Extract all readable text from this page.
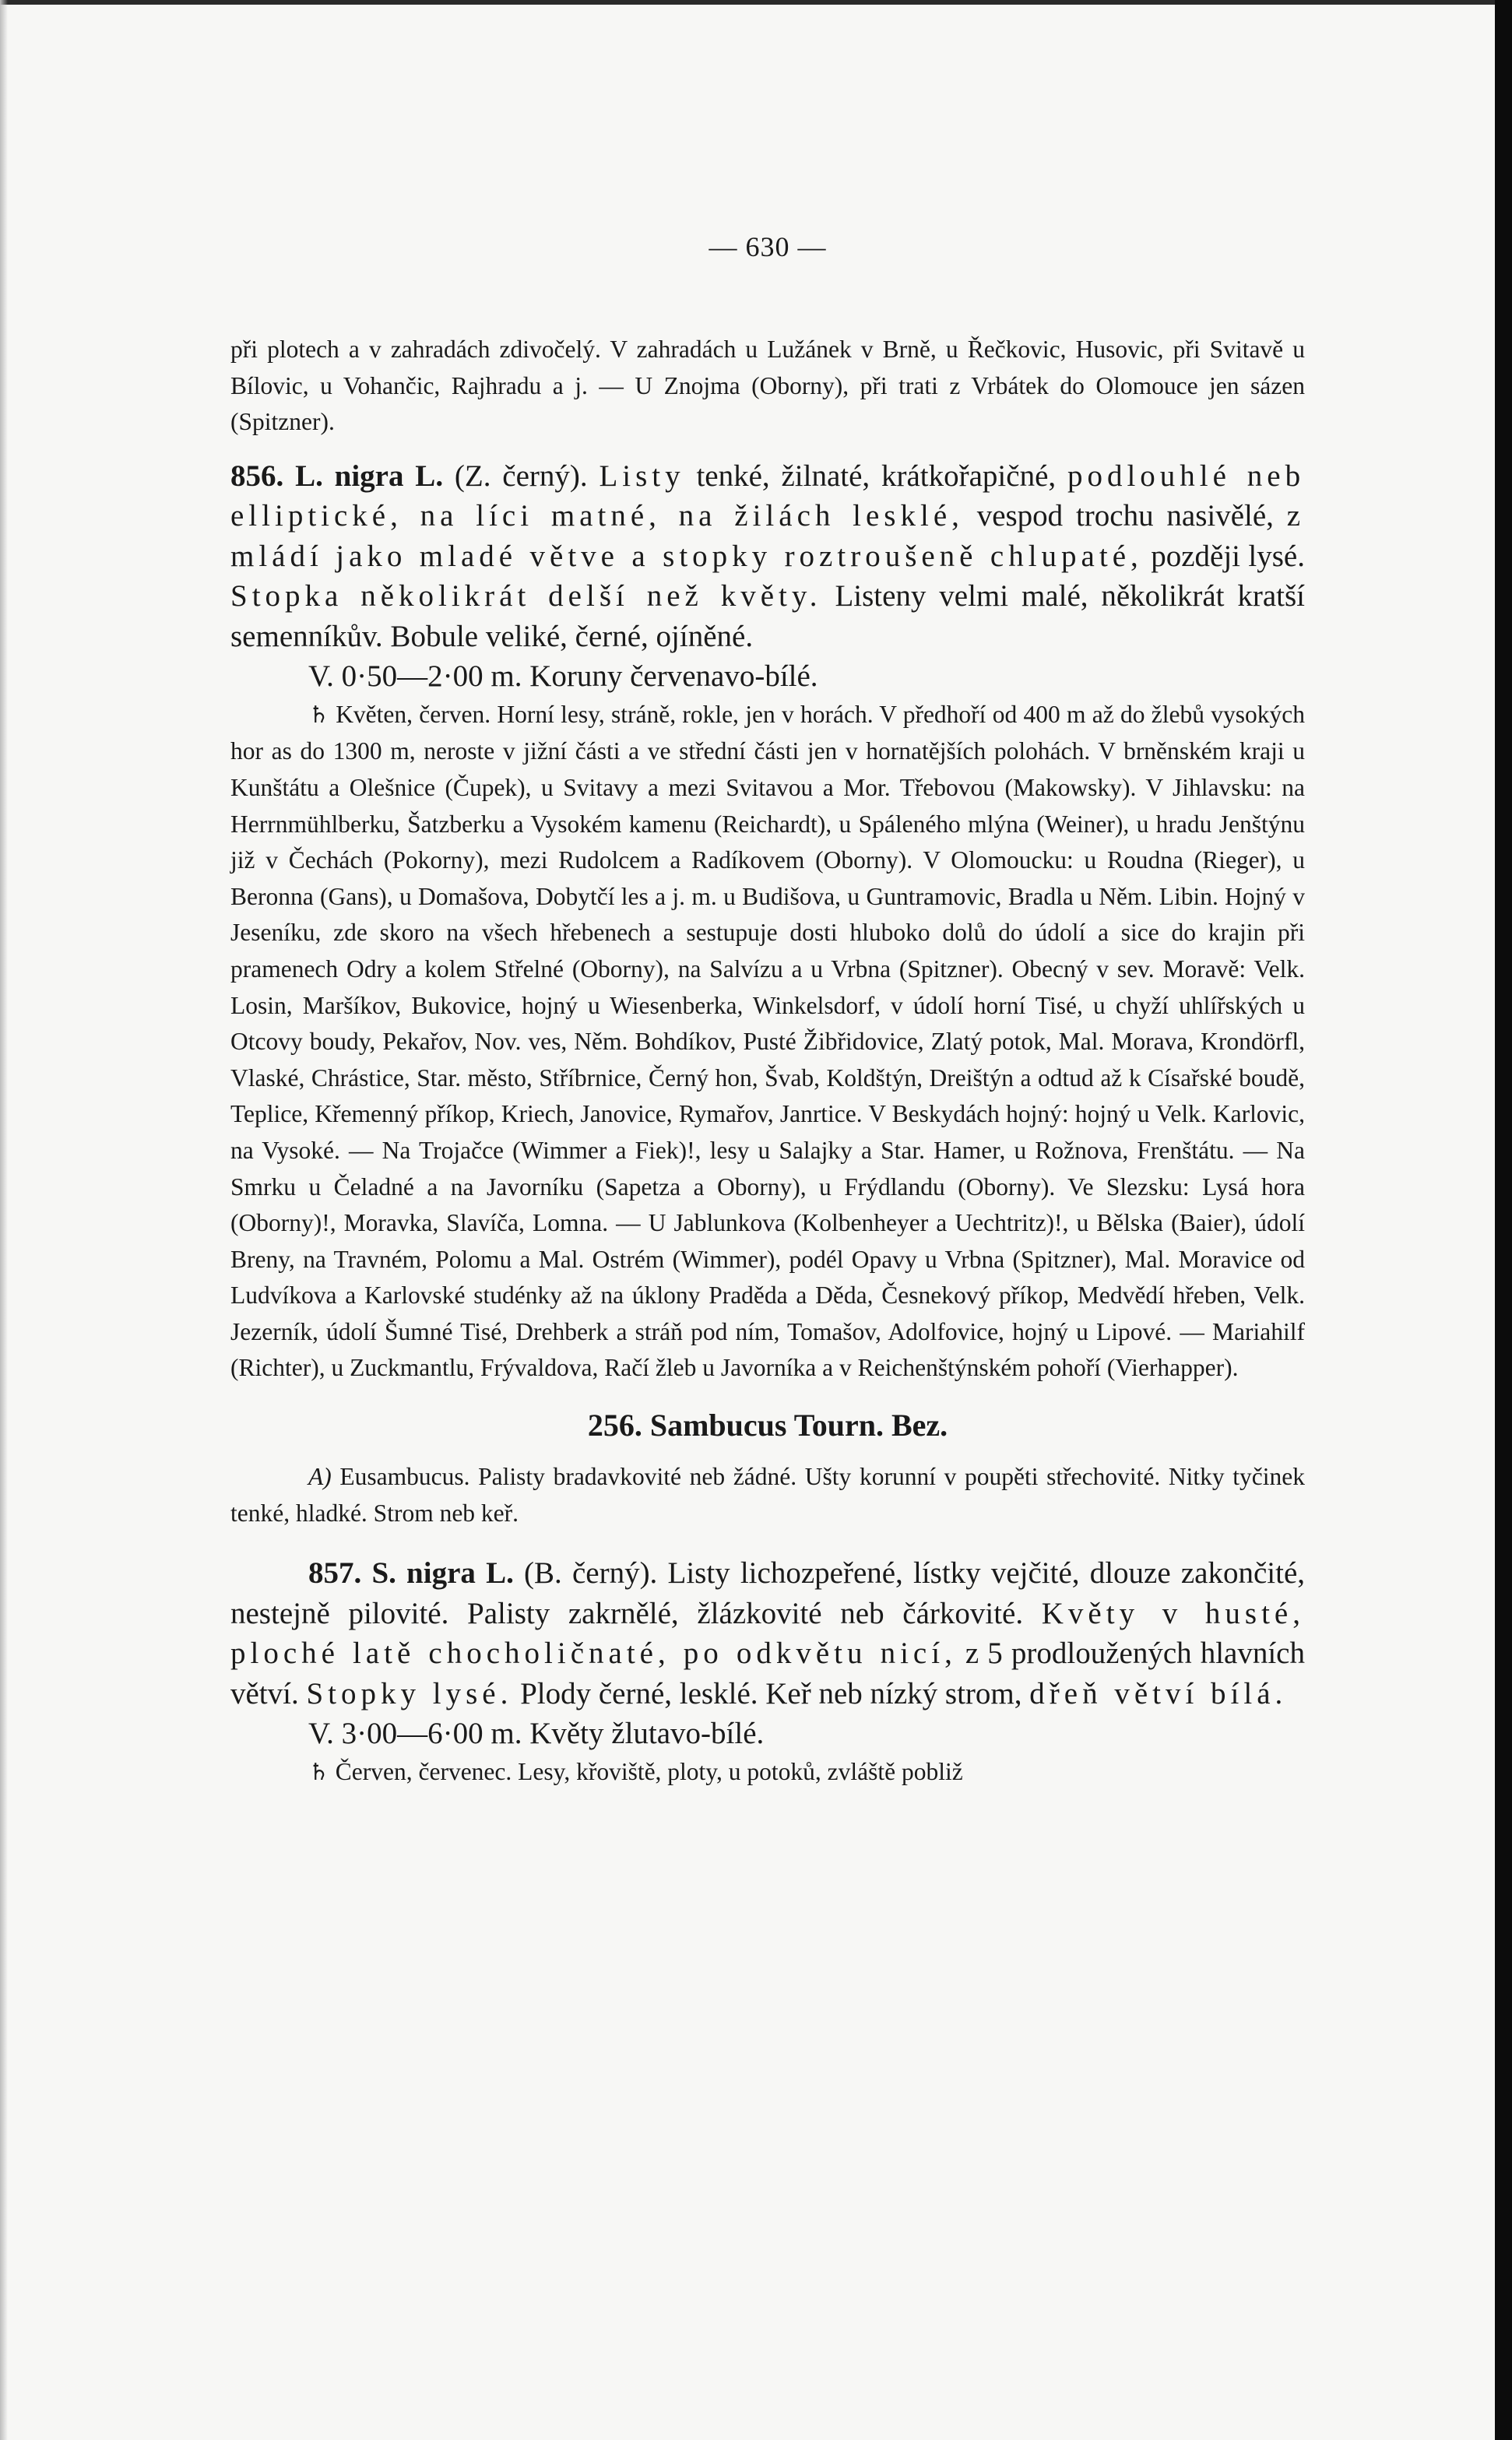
— 630 —

při plotech a v zahradách zdivočelý. V zahradách u Lužánek v Brně, u Řečkovic, Husovic, při Svitavě u Bílovic, u Vohančic, Rajhradu a j. — U Znojma (Oborny), při trati z Vrbátek do Olomouce jen sázen (Spitzner).

856. L. nigra L. (Z. černý). Listy tenké, žilnaté, krátkořapičné, podlouhlé neb elliptické, na líci matné, na žilách lesklé, vespod trochu nasivělé, z mládí jako mladé větve a stopky roztroušeně chlupaté, později lysé. Stopka několikrát delší než květy. Listeny velmi malé, několikrát kratší semenníkův. Bobule veliké, černé, ojíněné.

V. 0·50—2·00 m. Koruny červenavo-bílé.

♄ Květen, červen. Horní lesy, stráně, rokle, jen v horách. V předhoří od 400 m až do žlebů vysokých hor as do 1300 m, neroste v jižní části a ve střední části jen v hornatějších polohách. V brněnském kraji u Kunštátu a Olešnice (Čupek), u Svitavy a mezi Svitavou a Mor. Třebovou (Makowsky). V Jihlavsku: na Herrnmühlberku, Šatzberku a Vysokém kamenu (Reichardt), u Spáleného mlýna (Weiner), u hradu Jenštýnu již v Čechách (Pokorny), mezi Rudolcem a Radíkovem (Oborny). V Olomoucku: u Roudna (Rieger), u Beronna (Gans), u Domašova, Dobytčí les a j. m. u Budišova, u Guntramovic, Bradla u Něm. Libin. Hojný v Jeseníku, zde skoro na všech hřebenech a sestupuje dosti hluboko dolů do údolí a sice do krajin při pramenech Odry a kolem Střelné (Oborny), na Salvízu a u Vrbna (Spitzner). Obecný v sev. Moravě: Velk. Losin, Maršíkov, Bukovice, hojný u Wiesenberka, Winkelsdorf, v údolí horní Tisé, u chyží uhlířských u Otcovy boudy, Pekařov, Nov. ves, Něm. Bohdíkov, Pusté Žibřidovice, Zlatý potok, Mal. Morava, Krondörfl, Vlaské, Chrástice, Star. město, Stříbrnice, Černý hon, Švab, Koldštýn, Dreištýn a odtud až k Císařské boudě, Teplice, Křemenný příkop, Kriech, Janovice, Rymařov, Janrtice. V Beskydách hojný: hojný u Velk. Karlovic, na Vysoké. — Na Trojačce (Wimmer a Fiek)!, lesy u Salajky a Star. Hamer, u Rožnova, Frenštátu. — Na Smrku u Čeladné a na Javorníku (Sapetza a Oborny), u Frýdlandu (Oborny). Ve Slezsku: Lysá hora (Oborny)!, Moravka, Slavíča, Lomna. — U Jablunkova (Kolbenheyer a Uechtritz)!, u Bělska (Baier), údolí Breny, na Travném, Polomu a Mal. Ostrém (Wimmer), podél Opavy u Vrbna (Spitzner), Mal. Moravice od Ludvíkova a Karlovské studénky až na úklony Praděda a Děda, Česnekový příkop, Medvědí hřeben, Velk. Jezerník, údolí Šumné Tisé, Drehberk a stráň pod ním, Tomašov, Adolfovice, hojný u Lipové. — Mariahilf (Richter), u Zuckmantlu, Frývaldova, Račí žleb u Javorníka a v Reichenštýnském pohoří (Vierhapper).

256. Sambucus Tourn. Bez.

A) Eusambucus. Palisty bradavkovité neb žádné. Ušty korunní v poupěti střechovité. Nitky tyčinek tenké, hladké. Strom neb keř.

857. S. nigra L. (B. černý). Listy lichozpeřené, lístky vejčité, dlouze zakončité, nestejně pilovité. Palisty zakrnělé, žlázkovité neb čárkovité. Květy v husté, ploché latě chocholičnaté, po odkvětu nicí, z 5 prodloužených hlavních větví. Stopky lysé. Plody černé, lesklé. Keř neb nízký strom, dřeň větví bílá.

V. 3·00—6·00 m. Květy žlutavo-bílé.

♄ Červen, červenec. Lesy, křoviště, ploty, u potoků, zvláště pobliž
